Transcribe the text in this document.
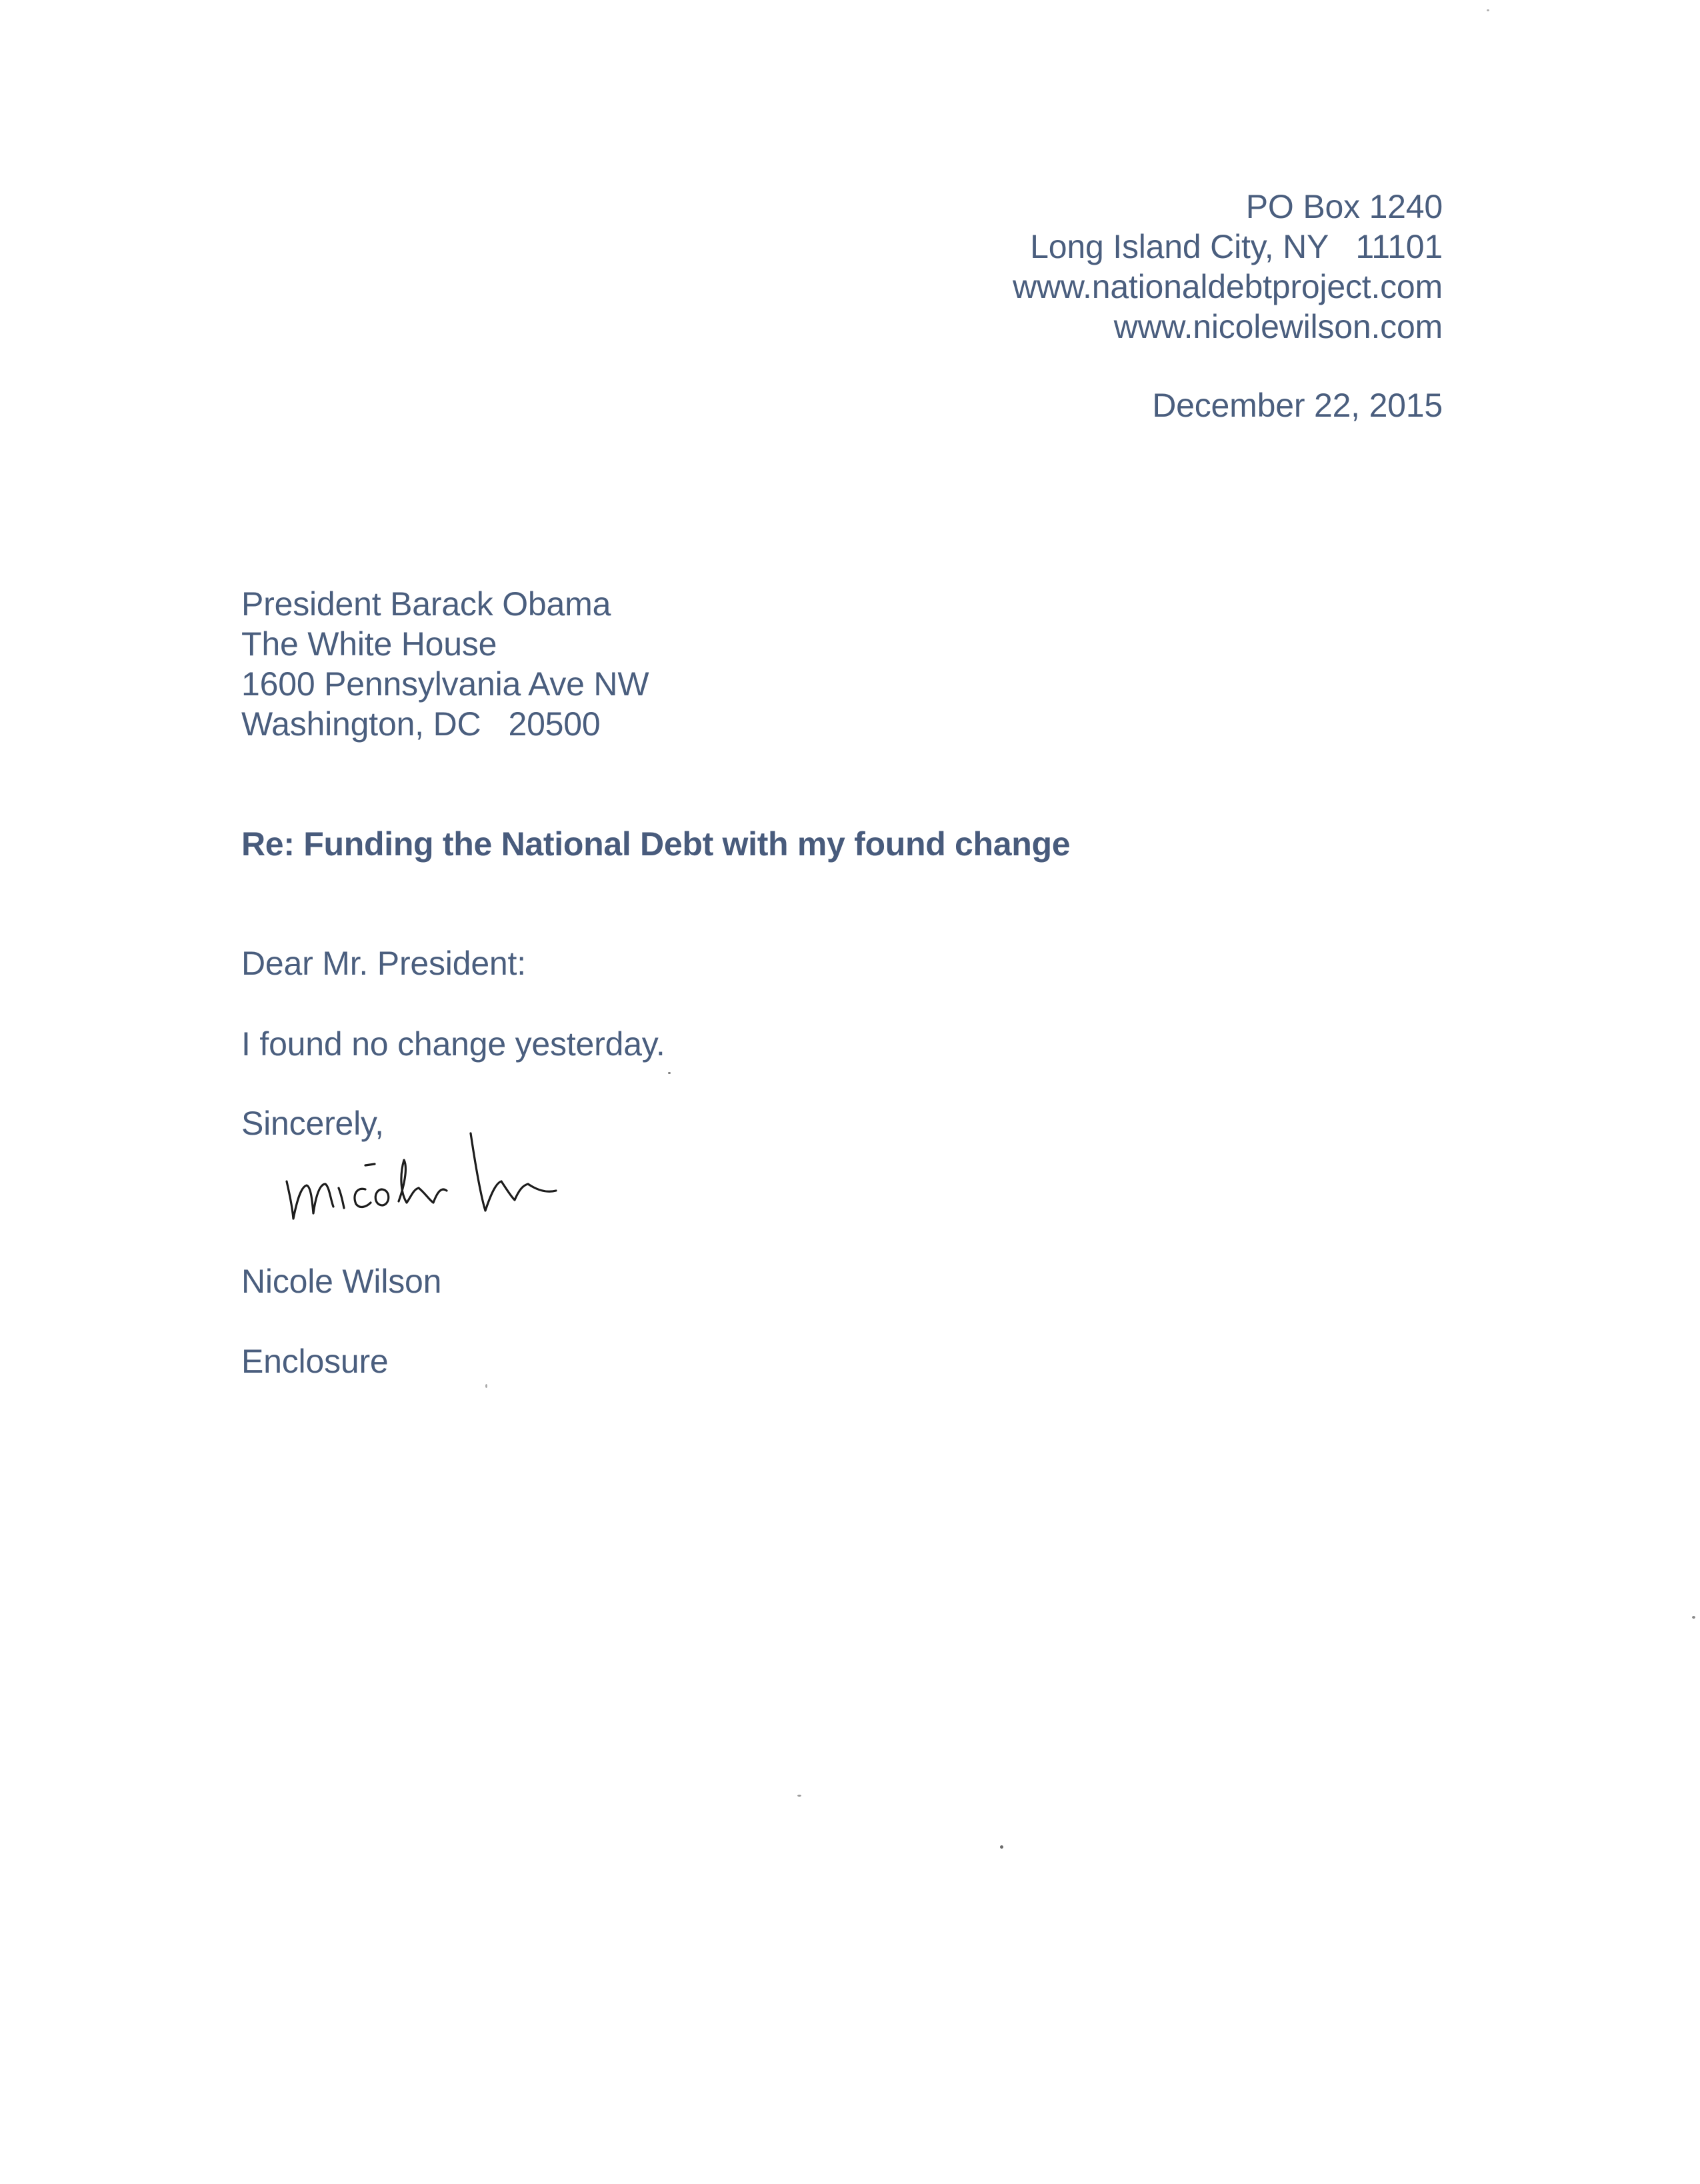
PO Box 1240
Long Island City, NY   11101
www.nationaldebtproject.com
www.nicolewilson.com
December 22, 2015
President Barack Obama
The White House
1600 Pennsylvania Ave NW
Washington, DC   20500
Re: Funding the National Debt with my found change
Dear Mr. President:
I found no change yesterday.
Sincerely,
Nicole Wilson
Enclosure
